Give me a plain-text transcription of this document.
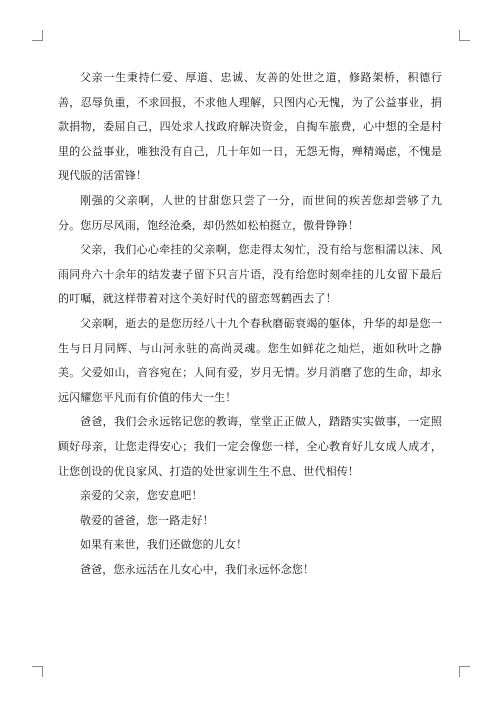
父亲一生秉持仁爱、厚道、忠诚、友善的处世之道，修路架桥，积德行善，忍辱负重，不求回报，不求他人理解，只图内心无愧，为了公益事业，捐款捐物，委屈自己，四处求人找政府解决资金，自掏车旅费，心中想的全是村里的公益事业，唯独没有自己，几十年如一日，无怨无悔，殚精竭虑，不愧是现代版的活雷锋！

刚强的父亲啊，人世的甘甜您只尝了一分，而世间的疾苦您却尝够了九分。您历尽风雨，饱经沧桑，却仍然如松柏挺立，傲骨铮铮！

父亲，我们心心牵挂的父亲啊，您走得太匆忙，没有给与您相濡以沫、风雨同舟六十余年的结发妻子留下只言片语，没有给您时刻牵挂的儿女留下最后的叮嘱，就这样带着对这个美好时代的留恋驾鹤西去了！

父亲啊，逝去的是您历经八十九个春秋磨砺衰竭的躯体，升华的却是您一生与日月同辉、与山河永驻的高尚灵魂。您生如鲜花之灿烂，逝如秋叶之静美。父爱如山，音容宛在；人间有爱，岁月无情。岁月消磨了您的生命，却永远闪耀您平凡而有价值的伟大一生！

爸爸，我们会永远铭记您的教诲，堂堂正正做人，踏踏实实做事，一定照顾好母亲，让您走得安心；我们一定会像您一样，全心教育好儿女成人成才，让您创设的优良家风、打造的处世家训生生不息、世代相传！

亲爱的父亲，您安息吧！

敬爱的爸爸，您一路走好！

如果有来世，我们还做您的儿女！

爸爸，您永远活在儿女心中，我们永远怀念您！
